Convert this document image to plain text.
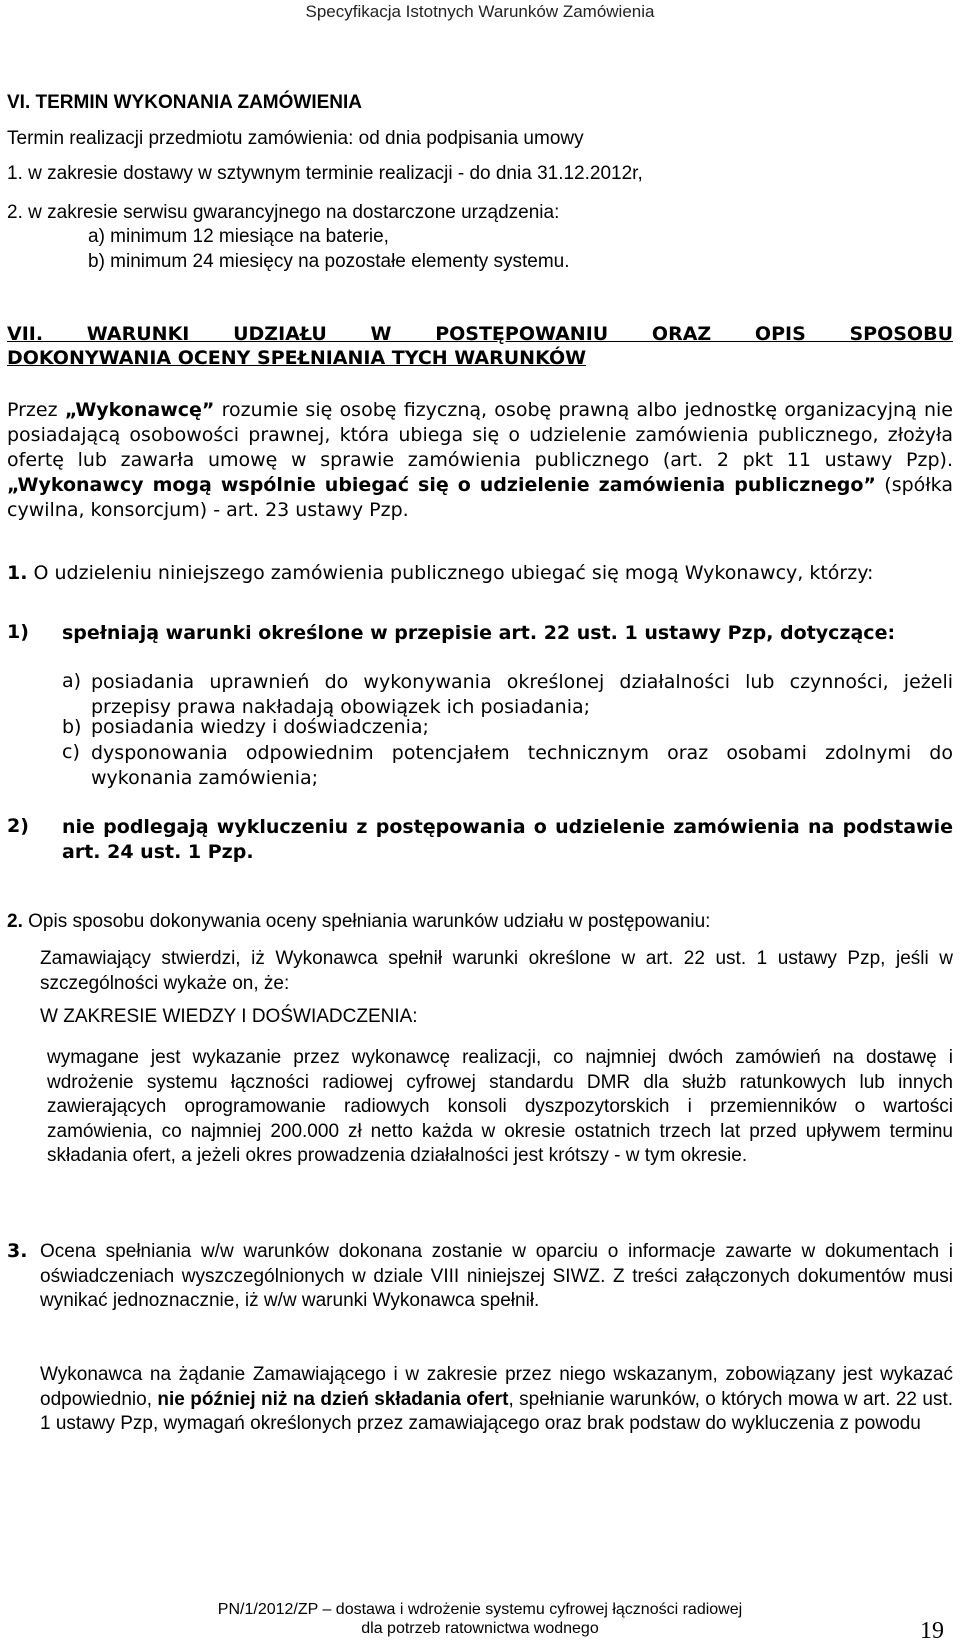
Specyfikacja Istotnych Warunków Zamówienia
VI. TERMIN WYKONANIA ZAMÓWIENIA
Termin realizacji przedmiotu zamówienia: od dnia podpisania umowy
1. w zakresie dostawy w sztywnym terminie realizacji - do dnia 31.12.2012r,
2. w zakresie serwisu gwarancyjnego na dostarczone urządzenia:
a) minimum 12 miesiące na baterie,
b) minimum 24 miesięcy na pozostałe elementy systemu.
VII. WARUNKI UDZIAŁU W POSTĘPOWANIU ORAZ OPIS SPOSOBU
DOKONYWANIA OCENY SPEŁNIANIA TYCH WARUNKÓW
Przez „Wykonawcę” rozumie się osobę fizyczną, osobę prawną albo jednostkę organizacyjną nie posiadającą osobowości prawnej, która ubiega się o udzielenie zamówienia publicznego, złożyła ofertę lub zawarła umowę w sprawie zamówienia publicznego (art. 2 pkt 11 ustawy Pzp). „Wykonawcy mogą wspólnie ubiegać się o udzielenie zamówienia publicznego” (spółka cywilna, konsorcjum) - art. 23 ustawy Pzp.
1. O udzieleniu niniejszego zamówienia publicznego ubiegać się mogą Wykonawcy, którzy:
1) spełniają warunki określone w przepisie art. 22 ust. 1 ustawy Pzp, dotyczące:
a) posiadania uprawnień do wykonywania określonej działalności lub czynności, jeżeli przepisy prawa nakładają obowiązek ich posiadania;
b) posiadania wiedzy i doświadczenia;
c) dysponowania odpowiednim potencjałem technicznym oraz osobami zdolnymi do wykonania zamówienia;
2) nie podlegają wykluczeniu z postępowania o udzielenie zamówienia na podstawie art. 24 ust. 1 Pzp.
2. Opis sposobu dokonywania oceny spełniania warunków udziału w postępowaniu:
Zamawiający stwierdzi, iż Wykonawca spełnił warunki określone w art. 22 ust. 1 ustawy Pzp, jeśli w szczególności wykaże on, że:
W ZAKRESIE WIEDZY I DOŚWIADCZENIA:
wymagane jest wykazanie przez wykonawcę realizacji, co najmniej dwóch zamówień na dostawę i wdrożenie systemu łączności radiowej cyfrowej standardu DMR dla służb ratunkowych lub innych zawierających oprogramowanie radiowych konsoli dyszpozytorskich i przemienników o wartości zamówienia, co najmniej 200.000 zł netto każda w okresie ostatnich trzech lat przed upływem terminu składania ofert, a jeżeli okres prowadzenia działalności jest krótszy - w tym okresie.
3. Ocena spełniania w/w warunków dokonana zostanie w oparciu o informacje zawarte w dokumentach i oświadczeniach wyszczególnionych w dziale VIII niniejszej SIWZ. Z treści załączonych dokumentów musi wynikać jednoznacznie, iż w/w warunki Wykonawca spełnił.
Wykonawca na żądanie Zamawiającego i w zakresie przez niego wskazanym, zobowiązany jest wykazać odpowiednio, nie później niż na dzień składania ofert, spełnianie warunków, o których mowa w art. 22 ust. 1 ustawy Pzp, wymagań określonych przez zamawiającego oraz brak podstaw do wykluczenia z powodu
PN/1/2012/ZP – dostawa i wdrożenie systemu cyfrowej łączności radiowej
dla potrzeb ratownictwa wodnego	19
